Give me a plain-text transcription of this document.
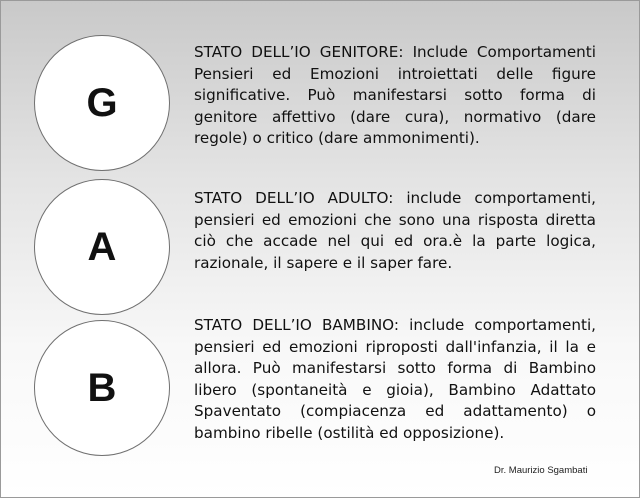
G
A
B
STATO DELL’IO GENITORE: Include Comportamenti Pensieri ed Emozioni introiettati delle figure significative. Può manifestarsi sotto forma di genitore affettivo (dare cura), normativo (dare regole) o critico (dare ammonimenti).
STATO DELL’IO ADULTO: include comportamenti, pensieri ed emozioni che sono una risposta diretta ciò che accade nel qui ed ora.è la parte logica, razionale, il sapere e il saper fare.
STATO DELL’IO BAMBINO: include comportamenti, pensieri ed emozioni riproposti dall'infanzia, il la e allora. Può manifestarsi sotto forma di Bambino libero (spontaneità e gioia), Bambino Adattato Spaventato (compiacenza ed adattamento) o bambino ribelle (ostilità ed opposizione).
Dr. Maurizio Sgambati
